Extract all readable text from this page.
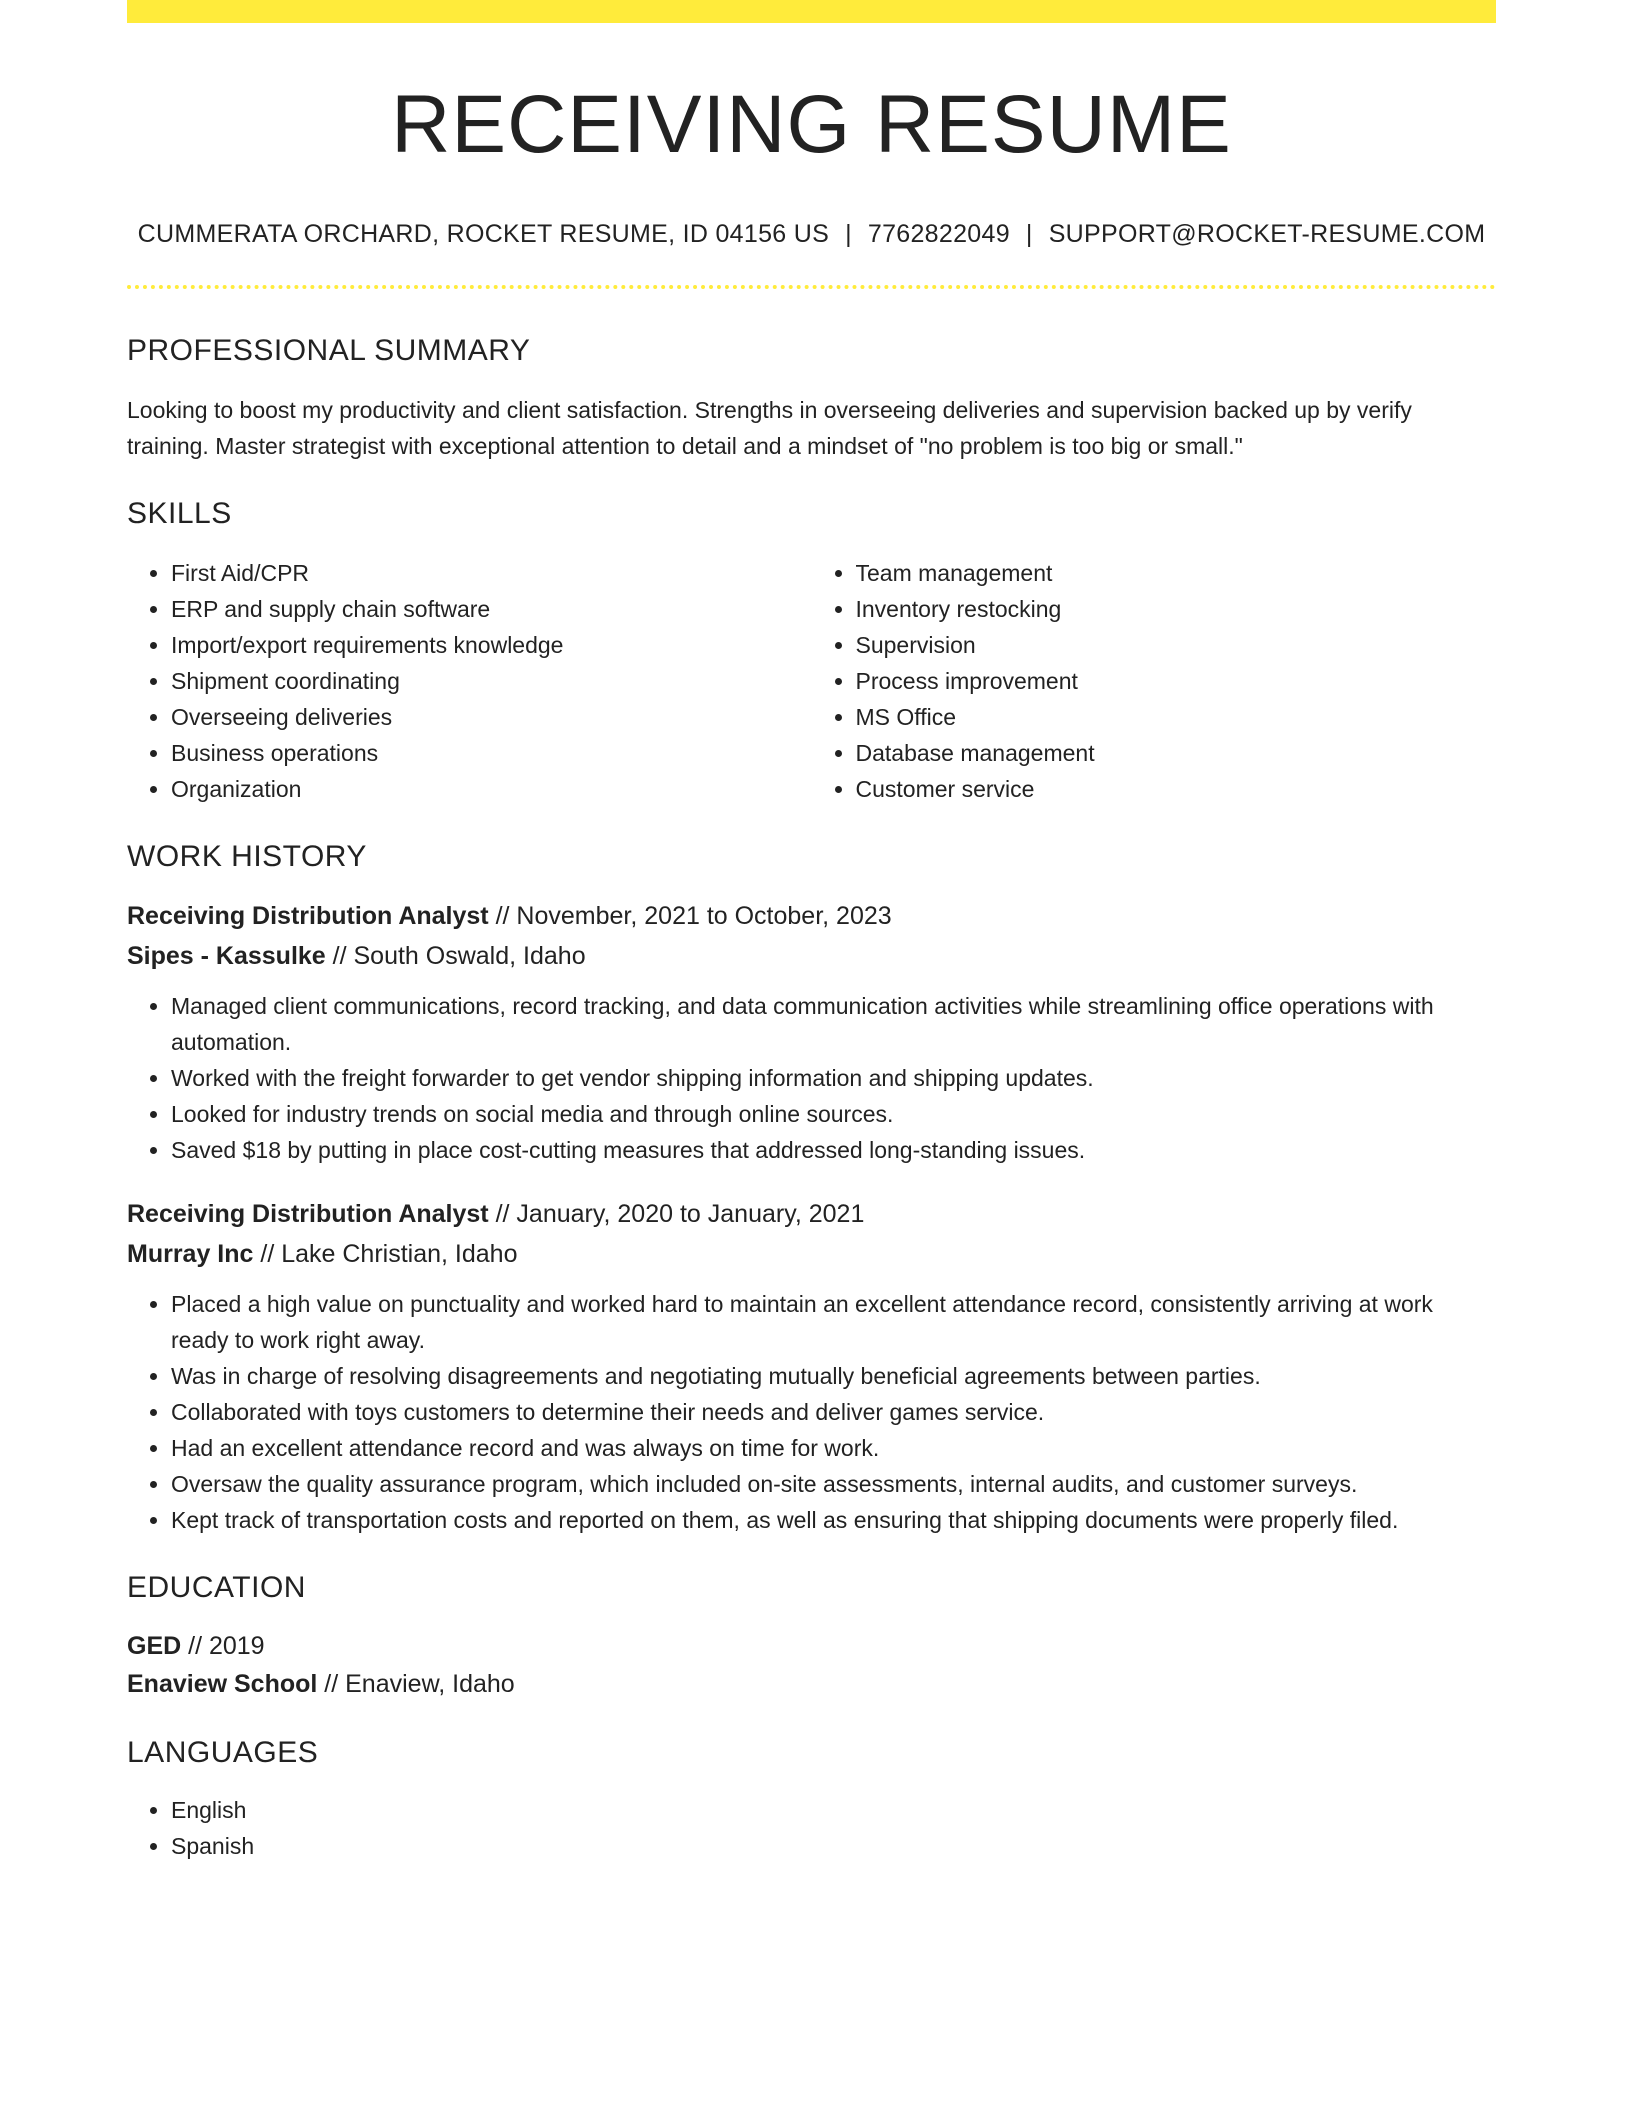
RECEIVING RESUME
CUMMERATA ORCHARD, ROCKET RESUME, ID 04156 US | 7762822049 | SUPPORT@ROCKET-RESUME.COM
PROFESSIONAL SUMMARY

Looking to boost my productivity and client satisfaction. Strengths in overseeing deliveries and supervision backed up by verify training. Master strategist with exceptional attention to detail and a mindset of "no problem is too big or small."

SKILLS
• First Aid/CPR
• ERP and supply chain software
• Import/export requirements knowledge
• Shipment coordinating
• Overseeing deliveries
• Business operations
• Organization
• Team management
• Inventory restocking
• Supervision
• Process improvement
• MS Office
• Database management
• Customer service
WORK HISTORY
Receiving Distribution Analyst // November, 2021 to October, 2023
Sipes - Kassulke // South Oswald, Idaho
• Managed client communications, record tracking, and data communication activities while streamlining office operations with automation.
• Worked with the freight forwarder to get vendor shipping information and shipping updates.
• Looked for industry trends on social media and through online sources.
• Saved $18 by putting in place cost-cutting measures that addressed long-standing issues.
Receiving Distribution Analyst // January, 2020 to January, 2021
Murray Inc // Lake Christian, Idaho
• Placed a high value on punctuality and worked hard to maintain an excellent attendance record, consistently arriving at work ready to work right away.
• Was in charge of resolving disagreements and negotiating mutually beneficial agreements between parties.
• Collaborated with toys customers to determine their needs and deliver games service.
• Had an excellent attendance record and was always on time for work.
• Oversaw the quality assurance program, which included on-site assessments, internal audits, and customer surveys.
• Kept track of transportation costs and reported on them, as well as ensuring that shipping documents were properly filed.
EDUCATION
GED // 2019
Enaview School // Enaview, Idaho
LANGUAGES
• English
• Spanish
